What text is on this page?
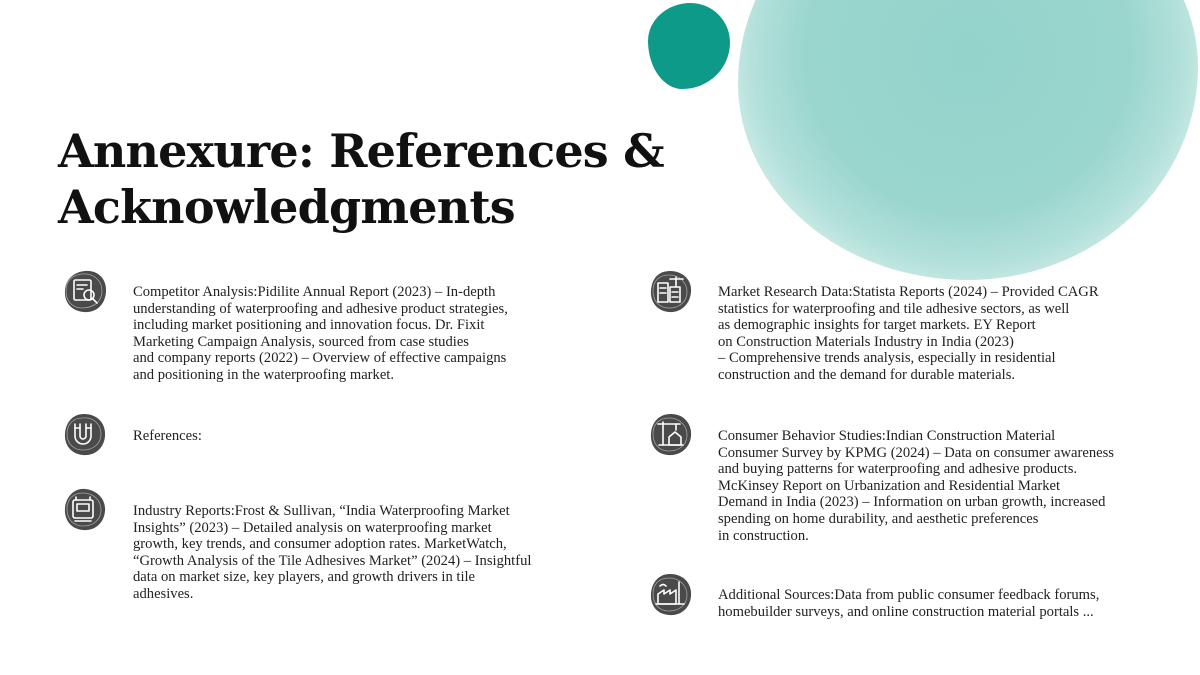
Annexure: References &
Acknowledgments
Competitor Analysis:Pidilite Annual Report (2023) – In-depth
understanding of waterproofing and adhesive product strategies,
including market positioning and innovation focus. Dr. Fixit
Marketing Campaign Analysis, sourced from case studies
and company reports (2022) – Overview of effective campaigns
and positioning in the waterproofing market.
References:
Industry Reports:Frost & Sullivan, “India Waterproofing Market
Insights” (2023) – Detailed analysis on waterproofing market
growth, key trends, and consumer adoption rates. MarketWatch,
“Growth Analysis of the Tile Adhesives Market” (2024) – Insightful
data on market size, key players, and growth drivers in tile
adhesives.
Market Research Data:Statista Reports (2024) – Provided CAGR
statistics for waterproofing and tile adhesive sectors, as well
as demographic insights for target markets. EY Report
on Construction Materials Industry in India (2023)
– Comprehensive trends analysis, especially in residential
construction and the demand for durable materials.
Consumer Behavior Studies:Indian Construction Material
Consumer Survey by KPMG (2024) – Data on consumer awareness
and buying patterns for waterproofing and adhesive products.
McKinsey Report on Urbanization and Residential Market
Demand in India (2023) – Information on urban growth, increased
spending on home durability, and aesthetic preferences
in construction.
Additional Sources:Data from public consumer feedback forums,
homebuilder surveys, and online construction material portals ...
